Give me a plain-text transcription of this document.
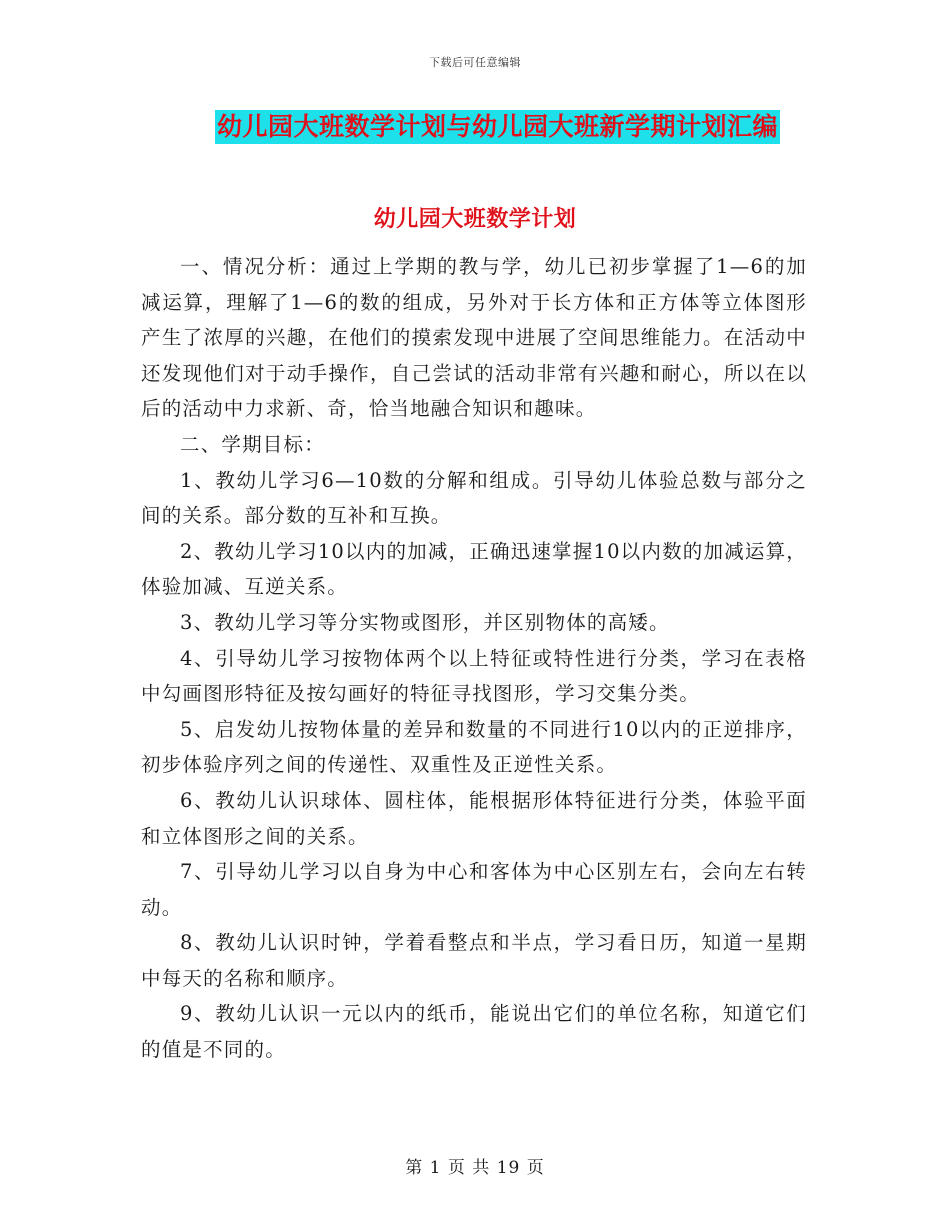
下载后可任意编辑
幼儿园大班数学计划与幼儿园大班新学期计划汇编
幼儿园大班数学计划

一、情况分析：通过上学期的教与学，幼儿已初步掌握了1—6的加减运算，理解了1—6的数的组成，另外对于长方体和正方体等立体图形产生了浓厚的兴趣，在他们的摸索发现中进展了空间思维能力。在活动中还发现他们对于动手操作，自己尝试的活动非常有兴趣和耐心，所以在以后的活动中力求新、奇，恰当地融合知识和趣味。

二、学期目标：

1、教幼儿学习6—10数的分解和组成。引导幼儿体验总数与部分之间的关系。部分数的互补和互换。

2、教幼儿学习10以内的加减，正确迅速掌握10以内数的加减运算，体验加减、互逆关系。

3、教幼儿学习等分实物或图形，并区别物体的高矮。

4、引导幼儿学习按物体两个以上特征或特性进行分类，学习在表格中勾画图形特征及按勾画好的特征寻找图形，学习交集分类。

5、启发幼儿按物体量的差异和数量的不同进行10以内的正逆排序，初步体验序列之间的传递性、双重性及正逆性关系。

6、教幼儿认识球体、圆柱体，能根据形体特征进行分类，体验平面和立体图形之间的关系。

7、引导幼儿学习以自身为中心和客体为中心区别左右，会向左右转动。

8、教幼儿认识时钟，学着看整点和半点，学习看日历，知道一星期中每天的名称和顺序。

9、教幼儿认识一元以内的纸币，能说出它们的单位名称，知道它们的值是不同的。

第 1 页 共 19 页
